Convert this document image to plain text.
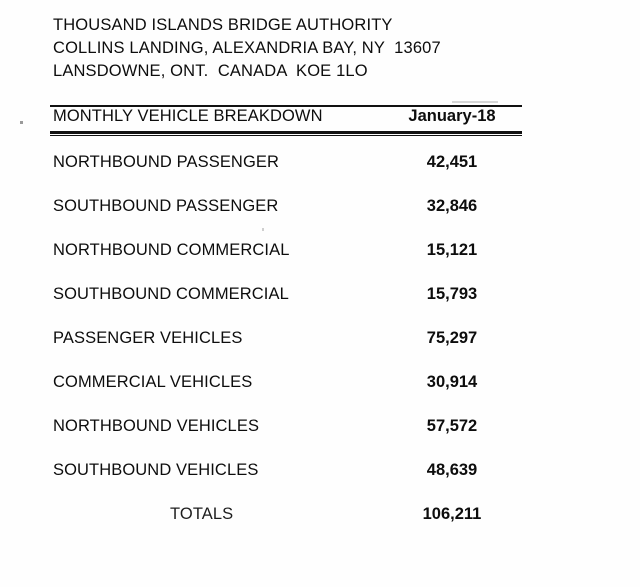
THOUSAND ISLANDS BRIDGE AUTHORITY
COLLINS LANDING, ALEXANDRIA BAY, NY  13607
LANSDOWNE, ONT.  CANADA  KOE 1LO
MONTHLY VEHICLE BREAKDOWN	January-18
NORTHBOUND PASSENGER	42,451
SOUTHBOUND PASSENGER	32,846
NORTHBOUND COMMERCIAL	15,121
SOUTHBOUND COMMERCIAL	15,793
PASSENGER VEHICLES	75,297
COMMERCIAL VEHICLES	30,914
NORTHBOUND VEHICLES	57,572
SOUTHBOUND VEHICLES	48,639
TOTALS	106,211
